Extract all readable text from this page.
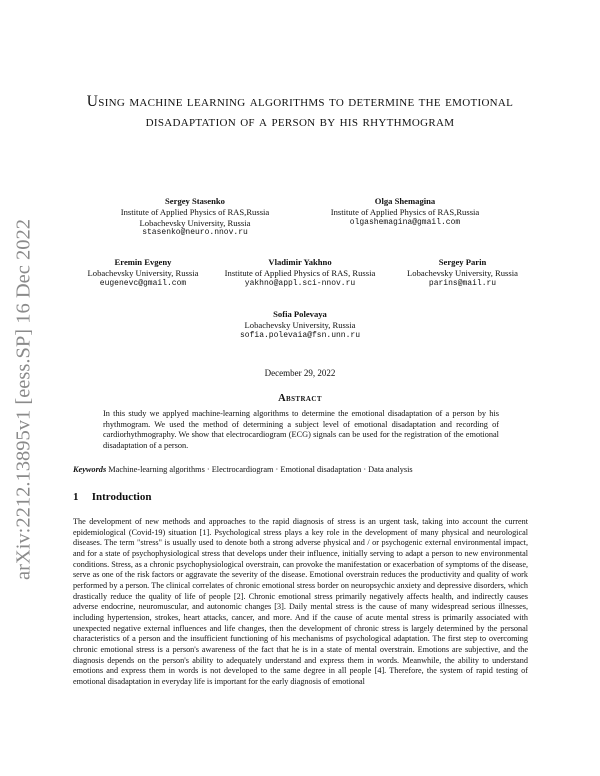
arXiv:2212.13895v1 [eess.SP] 16 Dec 2022
Using machine learning algorithms to determine the emotional disadaptation of a person by his rhythmogram
Sergey Stasenko
Institute of Applied Physics of RAS,Russia
Lobachevsky University, Russia
stasenko@neuro.nnov.ru
Olga Shemagina
Institute of Applied Physics of RAS,Russia
olgashemagina@gmail.com
Eremin Evgeny
Lobachevsky University, Russia
eugenevc@gmail.com
Vladimir Yakhno
Institute of Applied Physics of RAS, Russia
yakhno@appl.sci-nnov.ru
Sergey Parin
Lobachevsky University, Russia
parins@mail.ru
Sofia Polevaya
Lobachevsky University, Russia
sofia.polevaia@fsn.unn.ru
December 29, 2022
Abstract
In this study we applyed machine-learning algorithms to determine the emotional disadaptation of a person by his rhythmogram. We used the method of determining a subject level of emotional disadaptation and recording of cardiorhythmography. We show that electrocardiogram (ECG) signals can be used for the registration of the emotional disadaptation of a person.
Keywords Machine-learning algorithms · Electrocardiogram · Emotional disadaptation · Data analysis
1 Introduction
The development of new methods and approaches to the rapid diagnosis of stress is an urgent task, taking into account the current epidemiological (Covid-19) situation [1]. Psychological stress plays a key role in the development of many physical and neurological diseases. The term "stress" is usually used to denote both a strong adverse physical and / or psychogenic external environmental impact, and for a state of psychophysiological stress that develops under their influence, initially serving to adapt a person to new environmental conditions. Stress, as a chronic psychophysiological overstrain, can provoke the manifestation or exacerbation of symptoms of the disease, serve as one of the risk factors or aggravate the severity of the disease. Emotional overstrain reduces the productivity and quality of work performed by a person. The clinical correlates of chronic emotional stress border on neuropsychic anxiety and depressive disorders, which drastically reduce the quality of life of people [2]. Chronic emotional stress primarily negatively affects health, and indirectly causes adverse endocrine, neuromuscular, and autonomic changes [3]. Daily mental stress is the cause of many widespread serious illnesses, including hypertension, strokes, heart attacks, cancer, and more. And if the cause of acute mental stress is primarily associated with unexpected negative external influences and life changes, then the development of chronic stress is largely determined by the personal characteristics of a person and the insufficient functioning of his mechanisms of psychological adaptation. The first step to overcoming chronic emotional stress is a person's awareness of the fact that he is in a state of mental overstrain. Emotions are subjective, and the diagnosis depends on the person's ability to adequately understand and express them in words. Meanwhile, the ability to understand emotions and express them in words is not developed to the same degree in all people [4]. Therefore, the system of rapid testing of emotional disadaptation in everyday life is important for the early diagnosis of emotional
